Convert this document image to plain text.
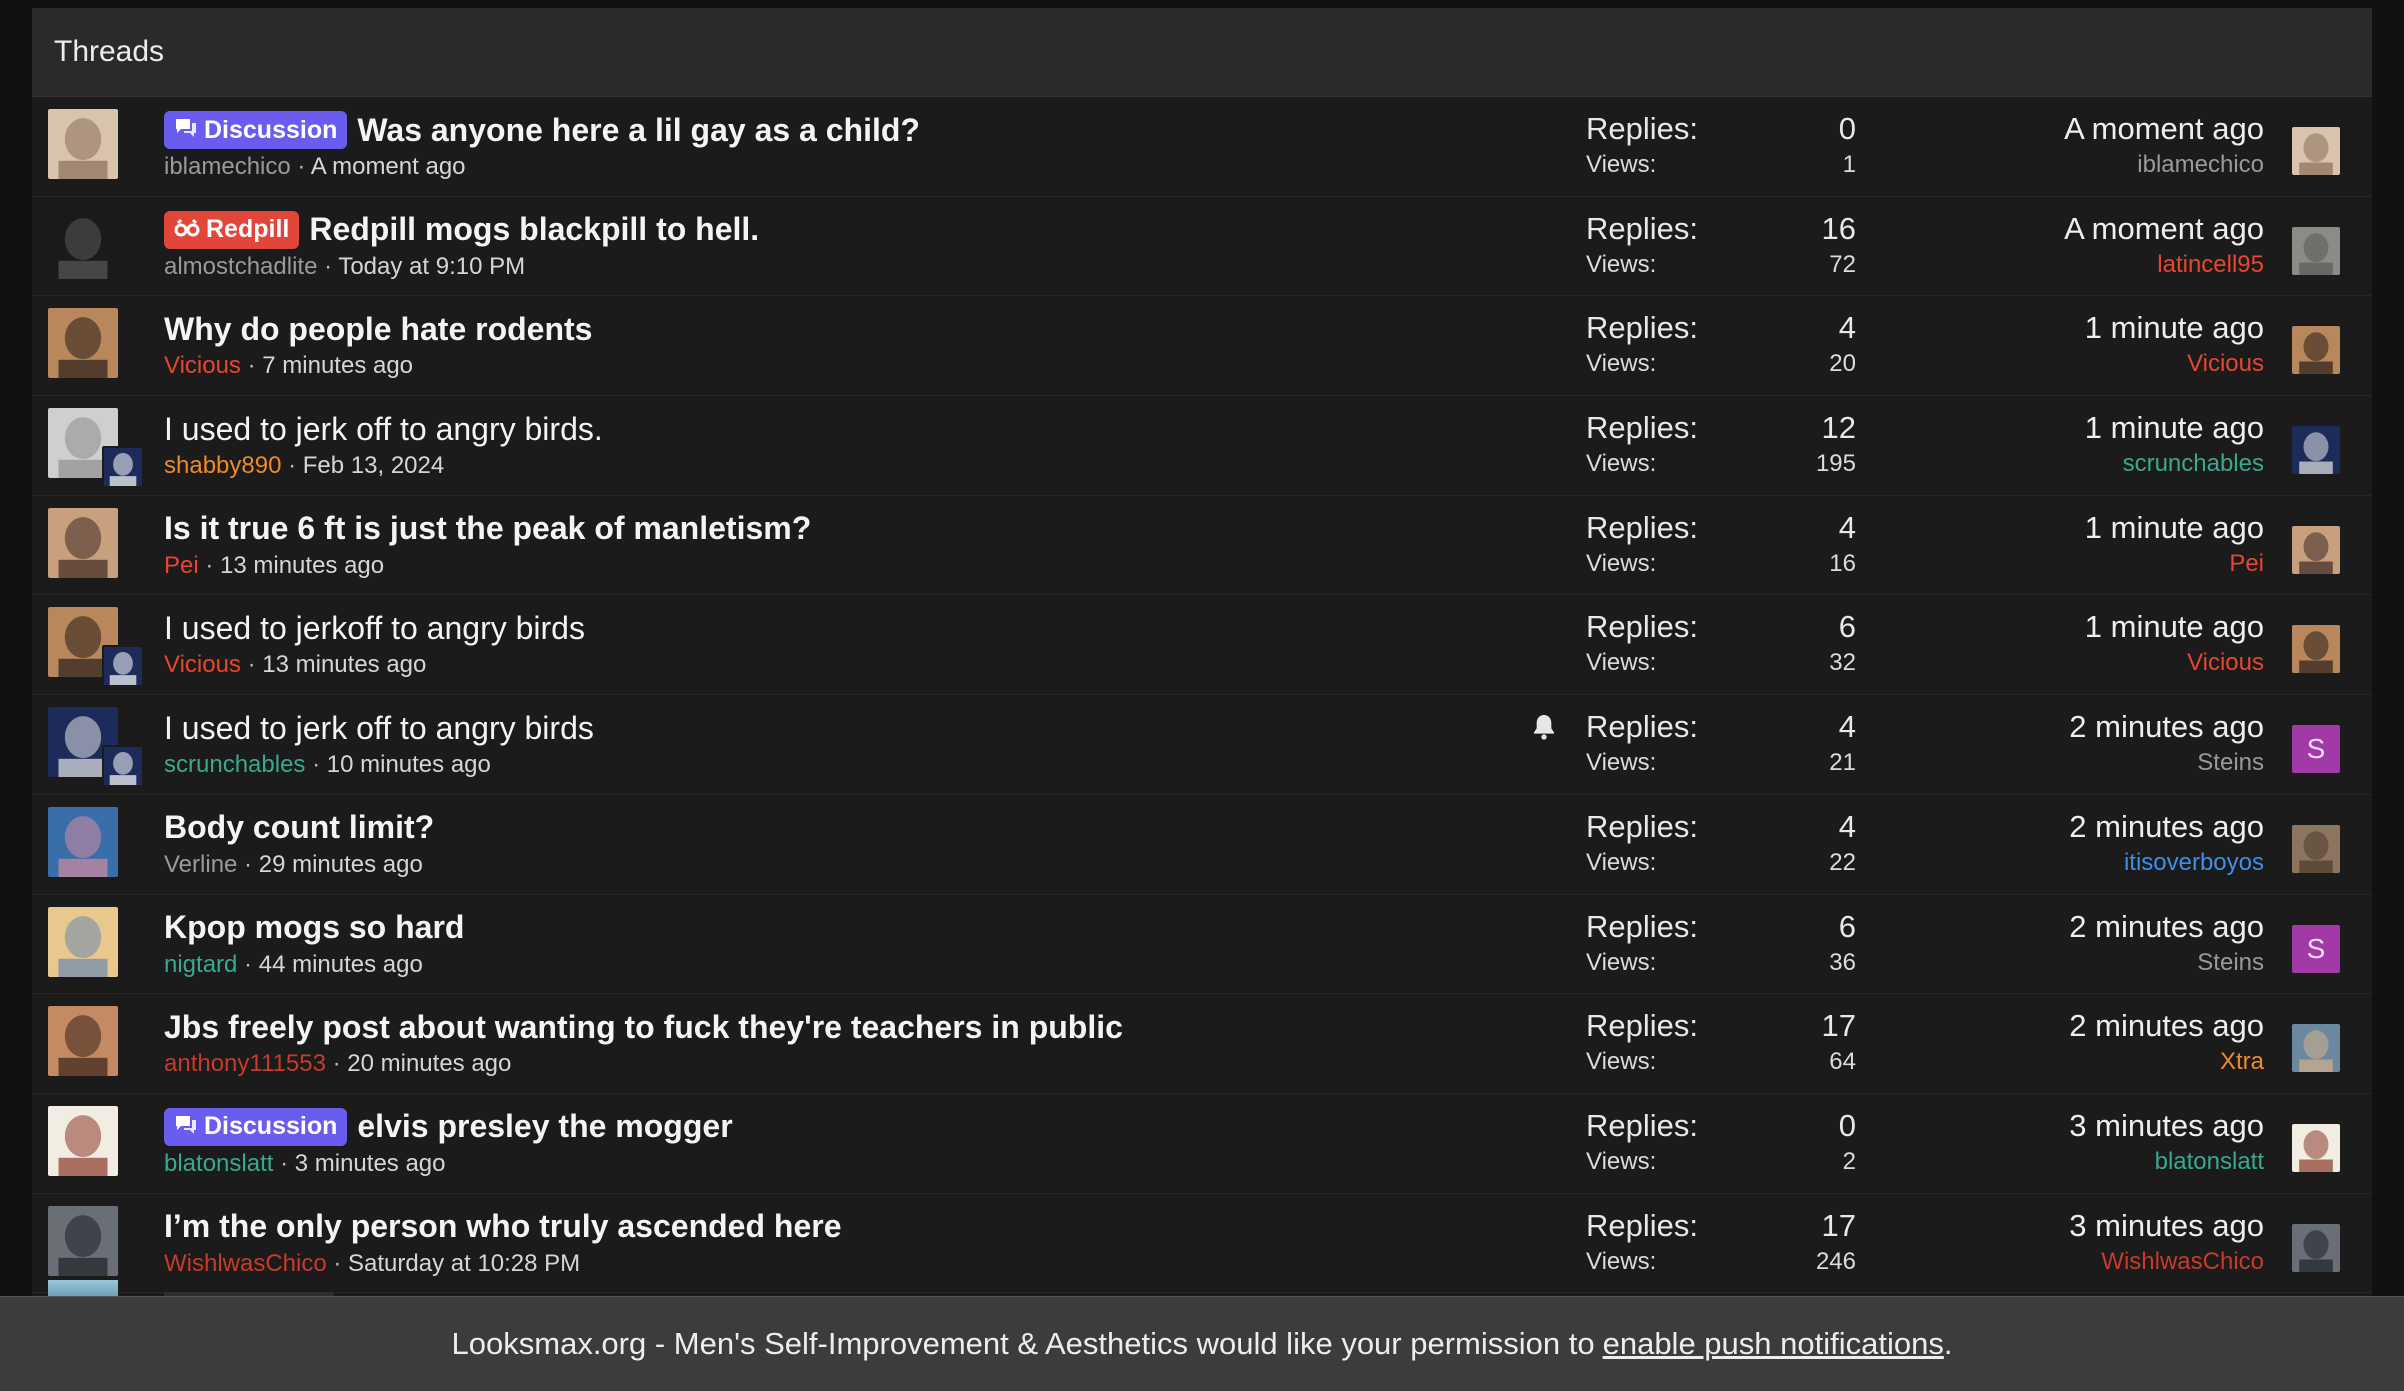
Threads
Discussion Was anyone here a lil gay as a child?
iblamechico · A moment ago
Replies:	0
Views:	1
A moment ago
iblamechico
Redpill Redpill mogs blackpill to hell.
almostchadlite · Today at 9:10 PM
Replies:	16
Views:	72
A moment ago
latincell95
Why do people hate rodents
Vicious · 7 minutes ago
Replies:	4
Views:	20
1 minute ago
Vicious
I used to jerk off to angry birds.
shabby890 · Feb 13, 2024
Replies:	12
Views:	195
1 minute ago
scrunchables
Is it true 6 ft is just the peak of manletism?
Pei · 13 minutes ago
Replies:	4
Views:	16
1 minute ago
Pei
I used to jerkoff to angry birds
Vicious · 13 minutes ago
Replies:	6
Views:	32
1 minute ago
Vicious
I used to jerk off to angry birds
scrunchables · 10 minutes ago
Replies:	4
Views:	21
2 minutes ago
Steins	S
Body count limit?
Verline · 29 minutes ago
Replies:	4
Views:	22
2 minutes ago
itisoverboyos
Kpop mogs so hard
nigtard · 44 minutes ago
Replies:	6
Views:	36
2 minutes ago
Steins	S
Jbs freely post about wanting to fuck they're teachers in public
anthony111553 · 20 minutes ago
Replies:	17
Views:	64
2 minutes ago
Xtra
Discussion elvis presley the mogger
blatonslatt · 3 minutes ago
Replies:	0
Views:	2
3 minutes ago
blatonslatt
I’m the only person who truly ascended here
WishlwasChico · Saturday at 10:28 PM
Replies:	17
Views:	246
3 minutes ago
WishlwasChico
Looksmax.org - Men's Self-Improvement & Aesthetics would like your permission to enable push notifications .
